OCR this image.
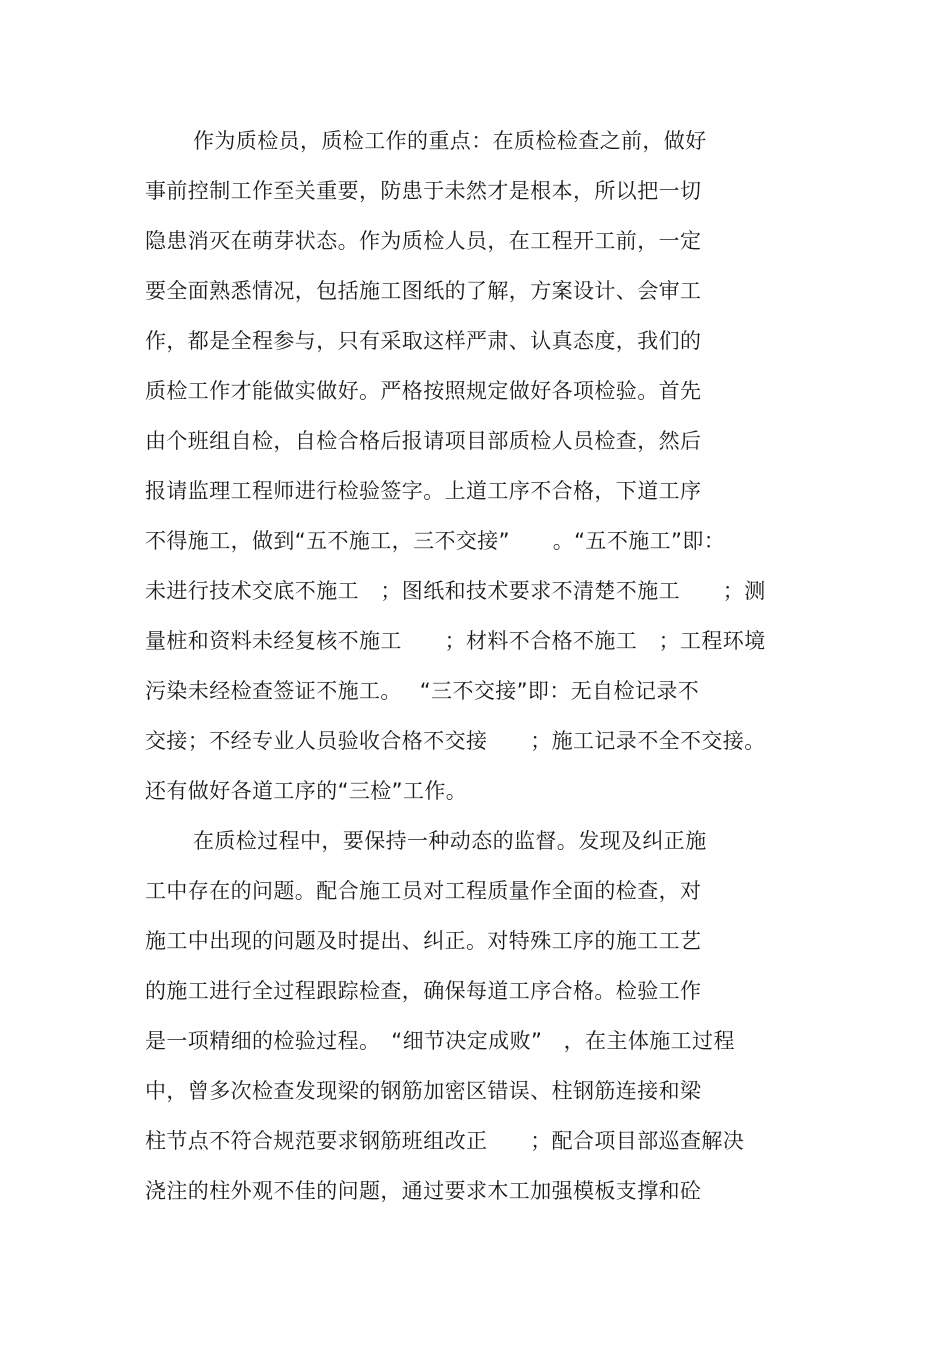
作为质检员，质检工作的重点：在质检检查之前，做好
事前控制工作至关重要，防患于未然才是根本，所以把一切
隐患消灭在萌芽状态。作为质检人员，在工程开工前，一定
要全面熟悉情况，包括施工图纸的了解，方案设计、会审工
作，都是全程参与，只有采取这样严肃、认真态度，我们的
质检工作才能做实做好。严格按照规定做好各项检验。首先
由个班组自检，自检合格后报请项目部质检人员检查，然后
报请监理工程师进行检验签字。上道工序不合格，下道工序
不得施工，做到“五不施工，三不交接”　　。“五不施工”即：
未进行技术交底不施工　；图纸和技术要求不清楚不施工　　；测
量桩和资料未经复核不施工　　；材料不合格不施工　；工程环境
污染未经检查签证不施工。　 “三不交接”即：无自检记录不
交接；不经专业人员验收合格不交接　　；施工记录不全不交接。
还有做好各道工序的“三检”工作。
在质检过程中，要保持一种动态的监督。发现及纠正施
工中存在的问题。配合施工员对工程质量作全面的检查，对
施工中出现的问题及时提出、纠正。对特殊工序的施工工艺
的施工进行全过程跟踪检查，确保每道工序合格。检验工作
是一项精细的检验过程。　“细节决定成败”　，在主体施工过程
中，曾多次检查发现梁的钢筋加密区错误、柱钢筋连接和梁
柱节点不符合规范要求钢筋班组改正　　；配合项目部巡查解决
浇注的柱外观不佳的问题，通过要求木工加强模板支撑和砼
